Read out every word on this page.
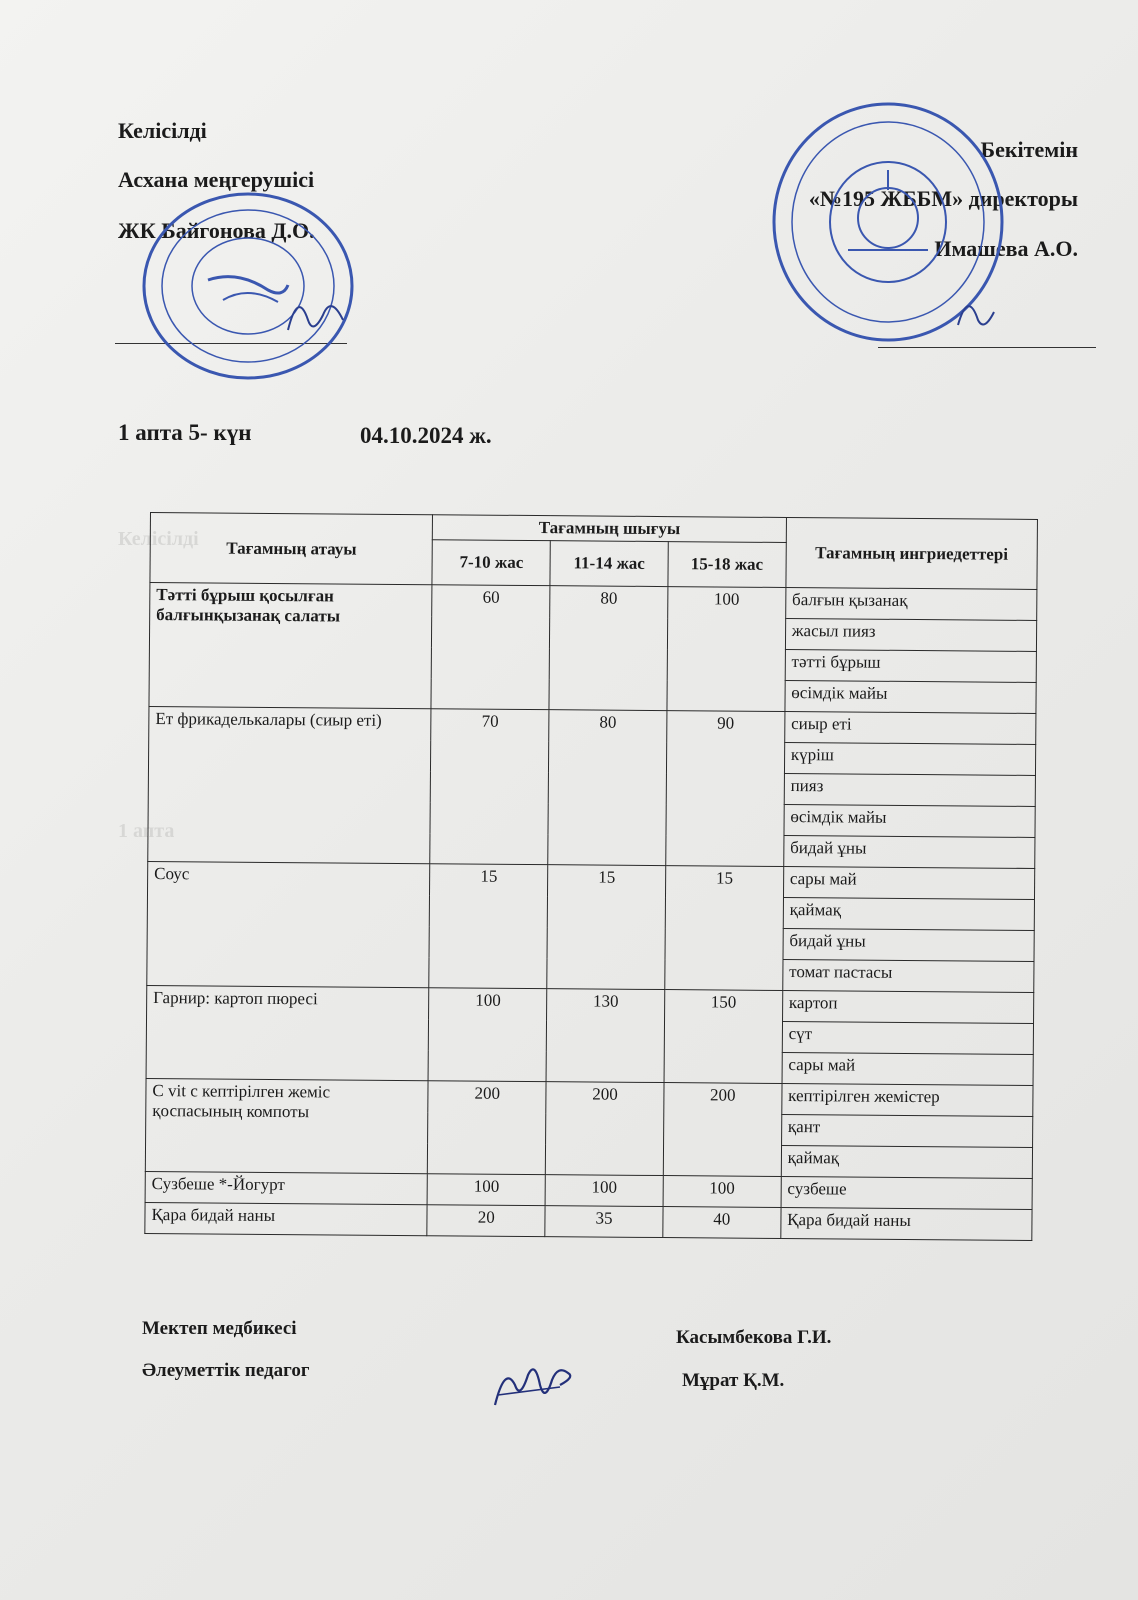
Келісілді
1 апта
Келісілді
Асхана меңгерушісі
ЖК Байгонова Д.О.
Бекітемін
«№195 ЖББМ» директоры
Имашева А.О.
1 апта 5- күн	04.10.2024 ж.
Тағамның атауы	Тағамның шығуы			Тағамның ингриедеттері
	7-10 жас	11-14 жас	15-18 жас	
Тәтті бұрыш қосылған балғынқызанақ салаты	60	80	100	балғын қызанақ
				жасыл пияз
				тәтті бұрыш
				өсімдік майы
Ет фрикаделькалары (сиыр еті)	70	80	90	сиыр еті
				күріш
				пияз
				өсімдік майы
				бидай ұны
Соус	15	15	15	сары май
				қаймақ
				бидай ұны
				томат пастасы
Гарнир: картоп пюресі	100	130	150	картоп
				сүт
				сары май
С vit с кептірілген жеміс қоспасының компоты	200	200	200	кептірілген жемістер
				қант
				қаймақ
Сузбеше *-Йогурт	100	100	100	сузбеше
Қара бидай наны	20	35	40	Қара бидай наны
Мектеп медбикесі	Касымбекова Г.И.
Әлеуметтік педагог	Мұрат Қ.М.
